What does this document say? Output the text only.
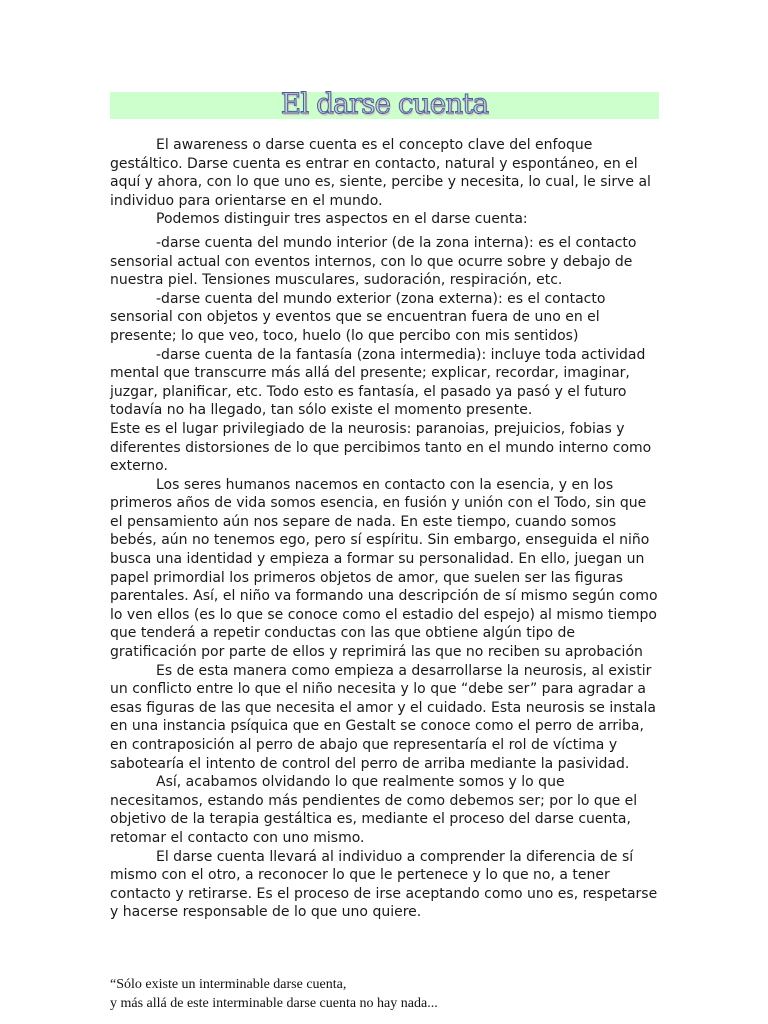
El darse cuenta

El awareness o darse cuenta es el concepto clave del enfoque gestáltico. Darse cuenta es entrar en contacto, natural y espontáneo, en el aquí y ahora, con lo que uno es, siente, percibe y necesita, lo cual, le sirve al individuo para orientarse en el mundo.

Podemos distinguir tres aspectos en el darse cuenta:

-darse cuenta del mundo interior (de la zona interna): es el contacto sensorial actual con eventos internos, con lo que ocurre sobre y debajo de nuestra piel. Tensiones musculares, sudoración, respiración, etc.

-darse cuenta del mundo exterior (zona externa): es el contacto sensorial con objetos y eventos que se encuentran fuera de uno en el presente; lo que veo, toco, huelo (lo que percibo con mis sentidos)

-darse cuenta de la fantasía (zona intermedia): incluye toda actividad mental que transcurre más allá del presente; explicar, recordar, imaginar, juzgar, planificar, etc. Todo esto es fantasía, el pasado ya pasó y el futuro todavía no ha llegado, tan sólo existe el momento presente.

Este es el lugar privilegiado de la neurosis: paranoias, prejuicios, fobias y diferentes distorsiones de lo que percibimos tanto en el mundo interno como externo.

Los seres humanos nacemos en contacto con la esencia, y en los primeros años de vida somos esencia, en fusión y unión con el Todo, sin que el pensamiento aún nos separe de nada. En este tiempo, cuando somos bebés, aún no tenemos ego, pero sí espíritu. Sin embargo, enseguida el niño busca una identidad y empieza a formar su personalidad. En ello, juegan un papel primordial los primeros objetos de amor, que suelen ser las figuras parentales. Así, el niño va formando una descripción de sí mismo según como lo ven ellos (es lo que se conoce como el estadio del espejo) al mismo tiempo que tenderá a repetir conductas con las que obtiene algún tipo de gratificación por parte de ellos y reprimirá las que no reciben su aprobación

Es de esta manera como empieza a desarrollarse la neurosis, al existir un conflicto entre lo que el niño necesita y lo que “debe ser” para agradar a esas figuras de las que necesita el amor y el cuidado. Esta neurosis se instala en una instancia psíquica que en Gestalt se conoce como el perro de arriba, en contraposición al perro de abajo que representaría el rol de víctima y sabotearía el intento de control del perro de arriba mediante la pasividad.

Así, acabamos olvidando lo que realmente somos y lo que necesitamos, estando más pendientes de como debemos ser; por lo que el objetivo de la terapia gestáltica es, mediante el proceso del darse cuenta, retomar el contacto con uno mismo.

El darse cuenta llevará al individuo a comprender la diferencia de sí mismo con el otro, a reconocer lo que le pertenece y lo que no, a tener contacto y retirarse. Es el proceso de irse aceptando como uno es, respetarse y hacerse responsable de lo que uno quiere.

“Sólo existe un interminable darse cuenta,

y más allá de este interminable darse cuenta no hay nada...
